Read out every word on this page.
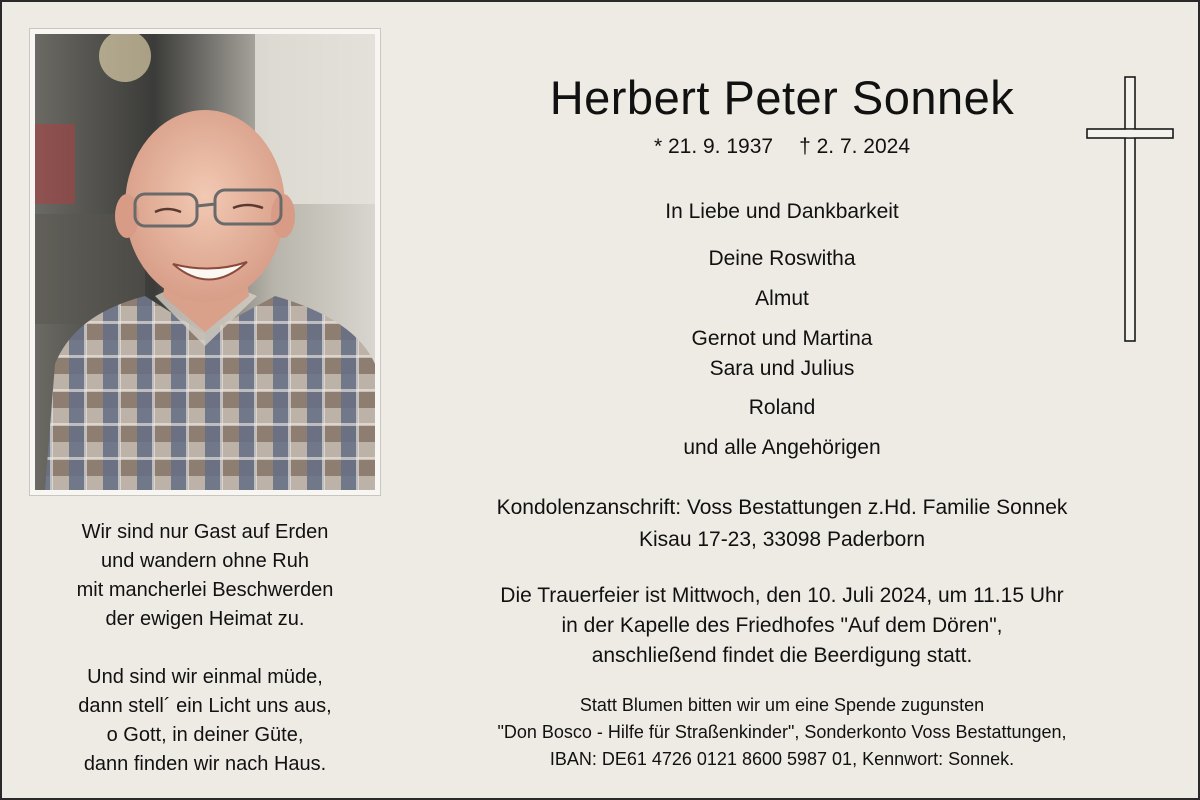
Wir sind nur Gast auf Erden
und wandern ohne Ruh
mit mancherlei Beschwerden
der ewigen Heimat zu.
Und sind wir einmal müde,
dann stell´ ein Licht uns aus,
o Gott, in deiner Güte,
dann finden wir nach Haus.
Herbert Peter Sonnek
* 21. 9. 1937 † 2. 7. 2024
In Liebe und Dankbarkeit
Deine Roswitha
Almut
Gernot und Martina
Sara und Julius
Roland
und alle Angehörigen
Kondolenzanschrift: Voss Bestattungen z.Hd. Familie Sonnek
Kisau 17-23, 33098 Paderborn
Die Trauerfeier ist Mittwoch, den 10. Juli 2024, um 11.15 Uhr
in der Kapelle des Friedhofes "Auf dem Dören",
anschließend findet die Beerdigung statt.
Statt Blumen bitten wir um eine Spende zugunsten
"Don Bosco - Hilfe für Straßenkinder", Sonderkonto Voss Bestattungen,
IBAN: DE61 4726 0121 8600 5987 01, Kennwort: Sonnek.
